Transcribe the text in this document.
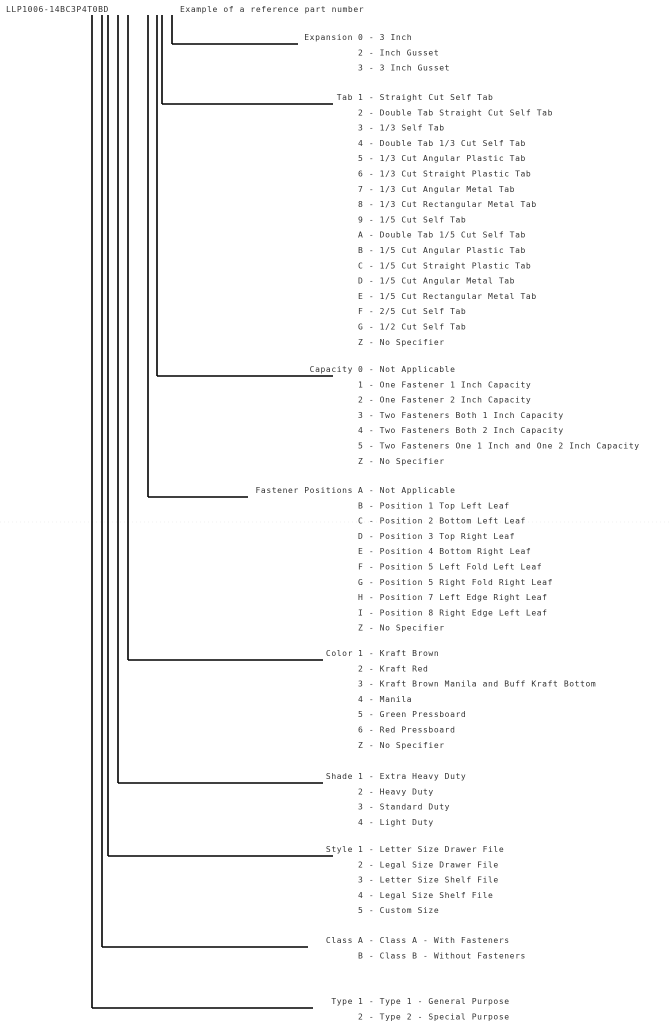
LLP1006-14BC3P4T0BD	Example of a reference part number
Expansion 0 - 3 Inch
2 - Inch Gusset
3 - 3 Inch Gusset
Tab 1 - Straight Cut Self Tab
2 - Double Tab Straight Cut Self Tab
3 - 1/3 Self Tab
4 - Double Tab 1/3 Cut Self Tab
5 - 1/3 Cut Angular Plastic Tab
6 - 1/3 Cut Straight Plastic Tab
7 - 1/3 Cut Angular Metal Tab
8 - 1/3 Cut Rectangular Metal Tab
9 - 1/5 Cut Self Tab
A - Double Tab 1/5 Cut Self Tab
B - 1/5 Cut Angular Plastic Tab
C - 1/5 Cut Straight Plastic Tab
D - 1/5 Cut Angular Metal Tab
E - 1/5 Cut Rectangular Metal Tab
F - 2/5 Cut Self Tab
G - 1/2 Cut Self Tab
Z - No Specifier
Capacity 0 - Not Applicable
1 - One Fastener 1 Inch Capacity
2 - One Fastener 2 Inch Capacity
3 - Two Fasteners Both 1 Inch Capacity
4 - Two Fasteners Both 2 Inch Capacity
5 - Two Fasteners One 1 Inch and One 2 Inch Capacity
Z - No Specifier
Fastener Positions A - Not Applicable
B - Position 1 Top Left Leaf
C - Position 2 Bottom Left Leaf
D - Position 3 Top Right Leaf
E - Position 4 Bottom Right Leaf
F - Position 5 Left Fold Left Leaf
G - Position 5 Right Fold Right Leaf
H - Position 7 Left Edge Right Leaf
I - Position 8 Right Edge Left Leaf
Z - No Specifier
Color 1 - Kraft Brown
2 - Kraft Red
3 - Kraft Brown Manila and Buff Kraft Bottom
4 - Manila
5 - Green Pressboard
6 - Red Pressboard
Z - No Specifier
Shade 1 - Extra Heavy Duty
2 - Heavy Duty
3 - Standard Duty
4 - Light Duty
Style 1 - Letter Size Drawer File
2 - Legal Size Drawer File
3 - Letter Size Shelf File
4 - Legal Size Shelf File
5 - Custom Size
Class A - Class A - With Fasteners
B - Class B - Without Fasteners
Type 1 - Type 1 - General Purpose
2 - Type 2 - Special Purpose
